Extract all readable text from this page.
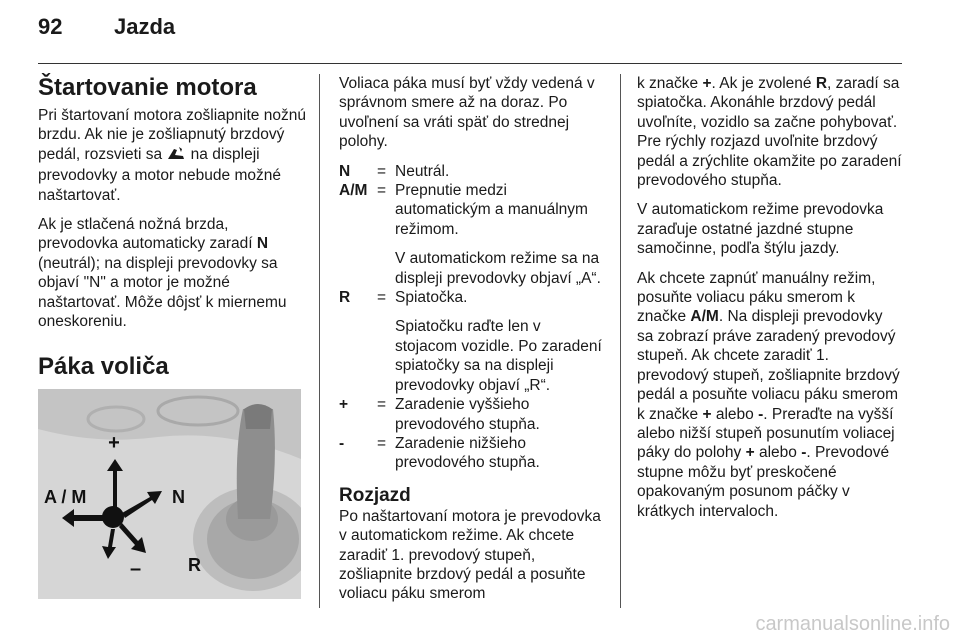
92 Jazda
Štartovanie motora

Pri štartovaní motora zošliapnite nožnú brzdu. Ak nie je zošliapnutý brzdový pedál, rozsvieti sa  na displeji prevodovky a motor nebude možné naštartovať.

Ak je stlačená nožná brzda, prevodovka automaticky zaradí N (neutrál); na displeji prevodovky sa objaví "N" a motor je možné naštartovať. Môže dôjsť k miernemu oneskoreniu.

Páka voliča
+
A / M	N
–	R

Voliaca páka musí byť vždy vedená v správnom smere až na doraz. Po uvoľnení sa vráti späť do strednej polohy.

N	= Neutrál.

A/M = Prepnutie medzi automatickým a manuálnym režimom.

V automatickom režime sa na displeji prevodovky objaví „A“.

R	= Spiatočka.

Spiatočku raďte len v stojacom vozidle. Po zaradení spiatočky sa na displeji prevodovky objaví „R“.

+	= Zaradenie vyššieho prevodového stupňa.

-	= Zaradenie nižšieho prevodového stupňa.

Rozjazd

Po naštartovaní motora je prevodovka v automatickom režime. Ak chcete zaradiť 1. prevodový stupeň, zošliapnite brzdový pedál a posuňte voliacu páku smerom

k značke +. Ak je zvolené R, zaradí sa spiatočka. Akonáhle brzdový pedál uvoľníte, vozidlo sa začne pohybovať. Pre rýchly rozjazd uvoľnite brzdový pedál a zrýchlite okamžite po zaradení prevodového stupňa.

V automatickom režime prevodovka zaraďuje ostatné jazdné stupne samočinne, podľa štýlu jazdy.

Ak chcete zapnúť manuálny režim, posuňte voliacu páku smerom k značke A/M. Na displeji prevodovky sa zobrazí práve zaradený prevodový stupeň. Ak chcete zaradiť 1. prevodový stupeň, zošliapnite brzdový pedál a posuňte voliacu páku smerom k značke + alebo -. Preraďte na vyšší alebo nižší stupeň posunutím voliacej páky do polohy + alebo -. Prevodové stupne môžu byť preskočené opakovaným posunom páčky v krátkych intervaloch.

carmanualsonline.info
